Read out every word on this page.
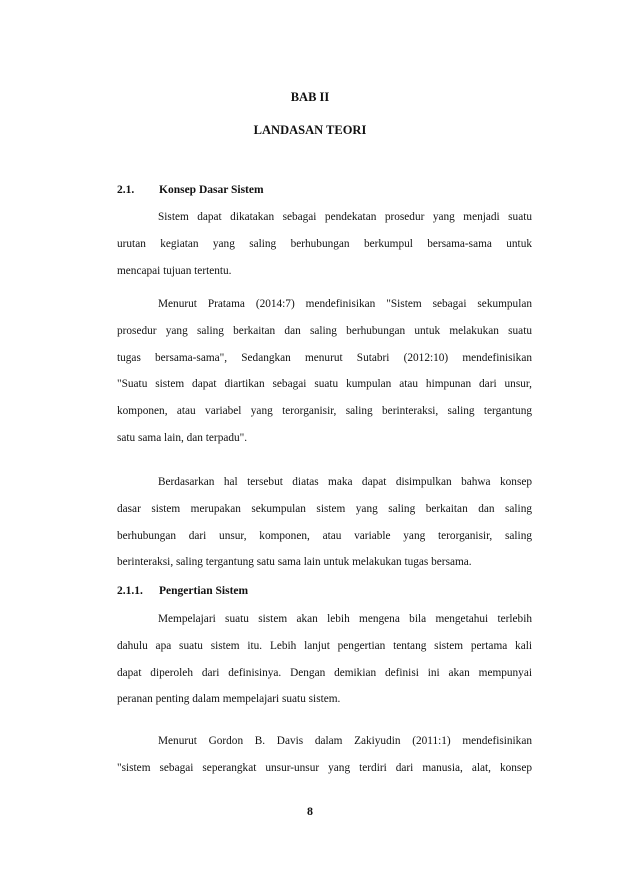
BAB II

LANDASAN TEORI

2.1. Konsep Dasar Sistem

Sistem dapat dikatakan sebagai pendekatan prosedur yang menjadi suatu
urutan kegiatan yang saling berhubungan berkumpul bersama-sama untuk
mencapai tujuan tertentu.
Menurut Pratama (2014:7) mendefinisikan "Sistem sebagai sekumpulan
prosedur yang saling berkaitan dan saling berhubungan untuk melakukan suatu
tugas bersama-sama", Sedangkan menurut Sutabri (2012:10) mendefinisikan
"Suatu sistem dapat diartikan sebagai suatu kumpulan atau himpunan dari unsur,
komponen, atau variabel yang terorganisir, saling berinteraksi, saling tergantung
satu sama lain, dan terpadu".
Berdasarkan hal tersebut diatas maka dapat disimpulkan bahwa konsep
dasar sistem merupakan sekumpulan sistem yang saling berkaitan dan saling
berhubungan dari unsur, komponen, atau variable yang terorganisir, saling
berinteraksi, saling tergantung satu sama lain untuk melakukan tugas bersama.

2.1.1. Pengertian Sistem

Mempelajari suatu sistem akan lebih mengena bila mengetahui terlebih
dahulu apa suatu sistem itu. Lebih lanjut pengertian tentang sistem pertama kali
dapat diperoleh dari definisinya. Dengan demikian definisi ini akan mempunyai
peranan penting dalam mempelajari suatu sistem.
Menurut Gordon B. Davis dalam Zakiyudin (2011:1) mendefisinikan
"sistem sebagai seperangkat unsur-unsur yang terdiri dari manusia, alat, konsep

8
